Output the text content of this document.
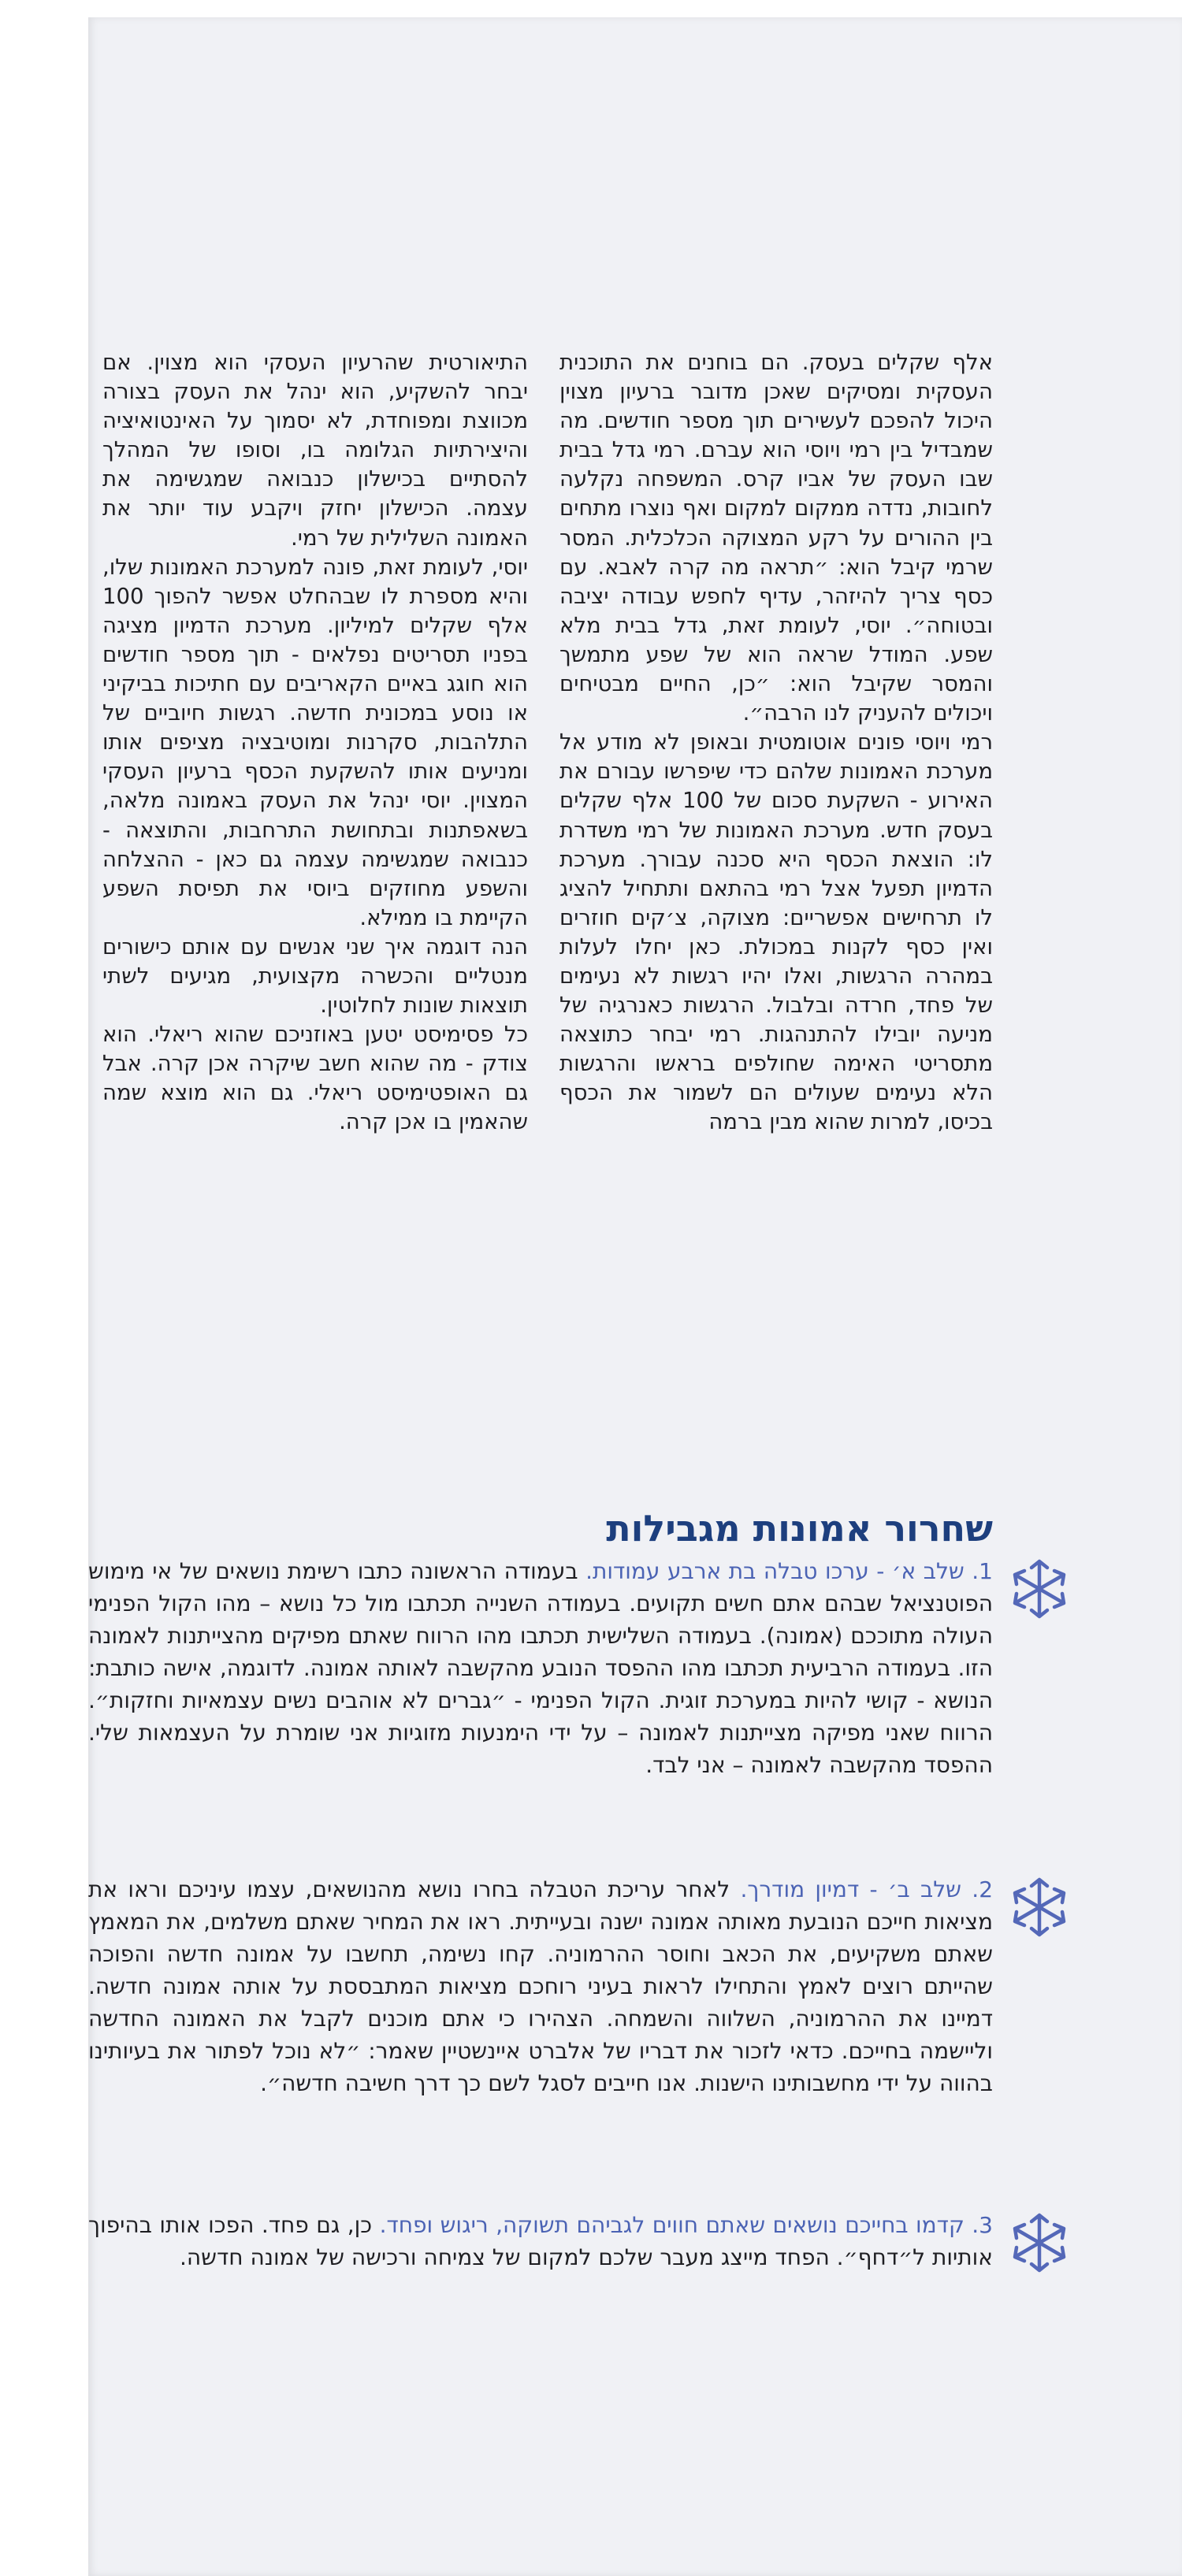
אלף שקלים בעסק. הם בוחנים את התוכנית העסקית ומסיקים שאכן מדובר ברעיון מצוין היכול להפכם לעשירים תוך מספר חודשים. מה שמבדיל בין רמי ויוסי הוא עברם. רמי גדל בבית שבו העסק של אביו קרס. המשפחה נקלעה לחובות, נדדה ממקום למקום ואף נוצרו מתחים בין ההורים על רקע המצוקה הכלכלית. המסר שרמי קיבל הוא: ״תראה מה קרה לאבא. עם כסף צריך להיזהר, עדיף לחפש עבודה יציבה ובטוחה״. יוסי, לעומת זאת, גדל בבית מלא שפע. המודל שראה הוא של שפע מתמשך והמסר שקיבל הוא: ״כן, החיים מבטיחים ויכולים להעניק לנו הרבה״.

רמי ויוסי פונים אוטומטית ובאופן לא מודע אל מערכת האמונות שלהם כדי שיפרשו עבורם את האירוע - השקעת סכום של 100 אלף שקלים בעסק חדש. מערכת האמונות של רמי משדרת לו: הוצאת הכסף היא סכנה עבורך. מערכת הדמיון תפעל אצל רמי בהתאם ותתחיל להציג לו תרחישים אפשריים: מצוקה, צ׳קים חוזרים ואין כסף לקנות במכולת. כאן יחלו לעלות במהרה הרגשות, ואלו יהיו רגשות לא נעימים של פחד, חרדה ובלבול. הרגשות כאנרגיה של מניעה יובילו להתנהגות. רמי יבחר כתוצאה מתסריטי האימה שחולפים בראשו והרגשות הלא נעימים שעולים הם לשמור את הכסף בכיסו, למרות שהוא מבין ברמה

התיאורטית שהרעיון העסקי הוא מצוין. אם יבחר להשקיע, הוא ינהל את העסק בצורה מכווצת ומפוחדת, לא יסמוך על האינטואיציה והיצירתיות הגלומה בו, וסופו של המהלך להסתיים בכישלון כנבואה שמגשימה את עצמה. הכישלון יחזק ויקבע עוד יותר את האמונה השלילית של רמי.

יוסי, לעומת זאת, פונה למערכת האמונות שלו, והיא מספרת לו שבהחלט אפשר להפוך 100 אלף שקלים למיליון. מערכת הדמיון מציגה בפניו תסריטים נפלאים - תוך מספר חודשים הוא חוגג באיים הקאריבים עם חתיכות בביקיני או נוסע במכונית חדשה. רגשות חיוביים של התלהבות, סקרנות ומוטיבציה מציפים אותו ומניעים אותו להשקעת הכסף ברעיון העסקי המצוין. יוסי ינהל את העסק באמונה מלאה, בשאפתנות ובתחושת התרחבות, והתוצאה - כנבואה שמגשימה עצמה גם כאן - ההצלחה והשפע מחוזקים ביוסי את תפיסת השפע הקיימת בו ממילא.

הנה דוגמה איך שני אנשים עם אותם כישורים מנטליים והכשרה מקצועית, מגיעים לשתי תוצאות שונות לחלוטין.

כל פסימיסט יטען באוזניכם שהוא ריאלי. הוא צודק - מה שהוא חשב שיקרה אכן קרה. אבל גם האופטימיסט ריאלי. גם הוא מוצא שמה שהאמין בו אכן קרה.

שחרור אמונות מגבילות

1. שלב א׳ - ערכו טבלה בת ארבע עמודות. בעמודה הראשונה כתבו רשימת נושאים של אי מימוש הפוטנציאל שבהם אתם חשים תקועים. בעמודה השנייה תכתבו מול כל נושא – מהו הקול הפנימי העולה מתוככם (אמונה). בעמודה השלישית תכתבו מהו הרווח שאתם מפיקים מהצייתנות לאמונה הזו. בעמודה הרביעית תכתבו מהו ההפסד הנובע מהקשבה לאותה אמונה. לדוגמה, אישה כותבת: הנושא - קושי להיות במערכת זוגית. הקול הפנימי - ״גברים לא אוהבים נשים עצמאיות וחזקות״. הרווח שאני מפיקה מצייתנות לאמונה – על ידי הימנעות מזוגיות אני שומרת על העצמאות שלי. ההפסד מהקשבה לאמונה – אני לבד.

2. שלב ב׳ - דמיון מודרך. לאחר עריכת הטבלה בחרו נושא מהנושאים, עצמו עיניכם וראו את מציאות חייכם הנובעת מאותה אמונה ישנה ובעייתית. ראו את המחיר שאתם משלמים, את המאמץ שאתם משקיעים, את הכאב וחוסר ההרמוניה. קחו נשימה, תחשבו על אמונה חדשה והפוכה שהייתם רוצים לאמץ והתחילו לראות בעיני רוחכם מציאות המתבססת על אותה אמונה חדשה. דמיינו את ההרמוניה, השלווה והשמחה. הצהירו כי אתם מוכנים לקבל את האמונה החדשה וליישמה בחייכם. כדאי לזכור את דבריו של אלברט איינשטיין שאמר: ״לא נוכל לפתור את בעיותינו בהווה על ידי מחשבותינו הישנות. אנו חייבים לסגל לשם כך דרך חשיבה חדשה״.

3. קדמו בחייכם נושאים שאתם חווים לגביהם תשוקה, ריגוש ופחד. כן, גם פחד. הפכו אותו בהיפוך אותיות ל״דחף״. הפחד מייצג מעבר שלכם למקום של צמיחה ורכישה של אמונה חדשה.
